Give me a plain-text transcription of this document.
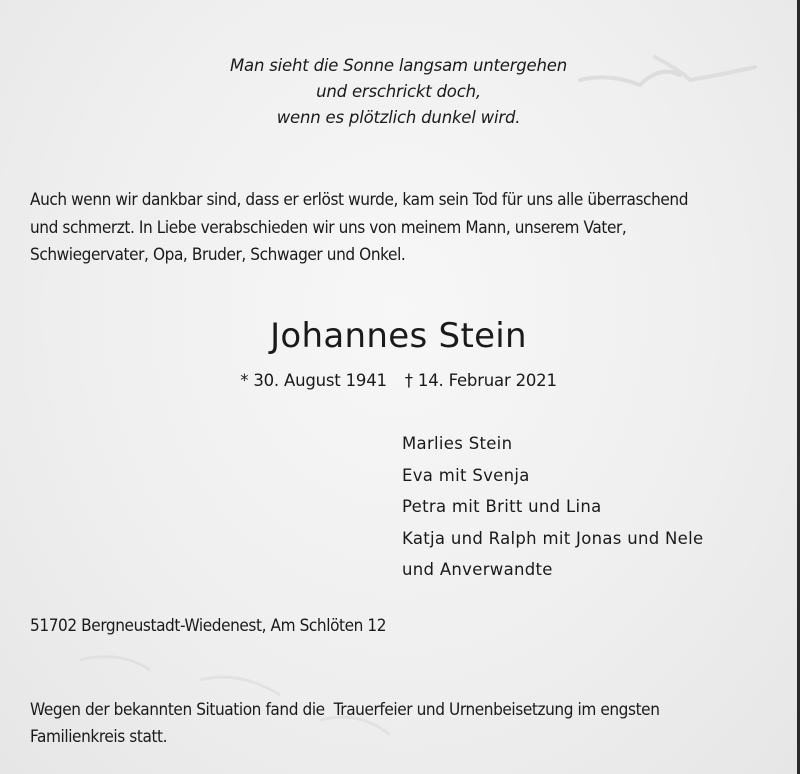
Man sieht die Sonne langsam untergehen
und erschrickt doch,
wenn es plötzlich dunkel wird.
Auch wenn wir dankbar sind, dass er erlöst wurde, kam sein Tod für uns alle überraschend
und schmerzt. In Liebe verabschieden wir uns von meinem Mann, unserem Vater,
Schwiegervater, Opa, Bruder, Schwager und Onkel.
Johannes Stein
* 30. August 1941 † 14. Februar 2021
Marlies Stein
Eva mit Svenja
Petra mit Britt und Lina
Katja und Ralph mit Jonas und Nele
und Anverwandte
51702 Bergneustadt-Wiedenest, Am Schlöten 12
Wegen der bekannten Situation fand die  Trauerfeier und Urnenbeisetzung im engsten
Familienkreis statt.
